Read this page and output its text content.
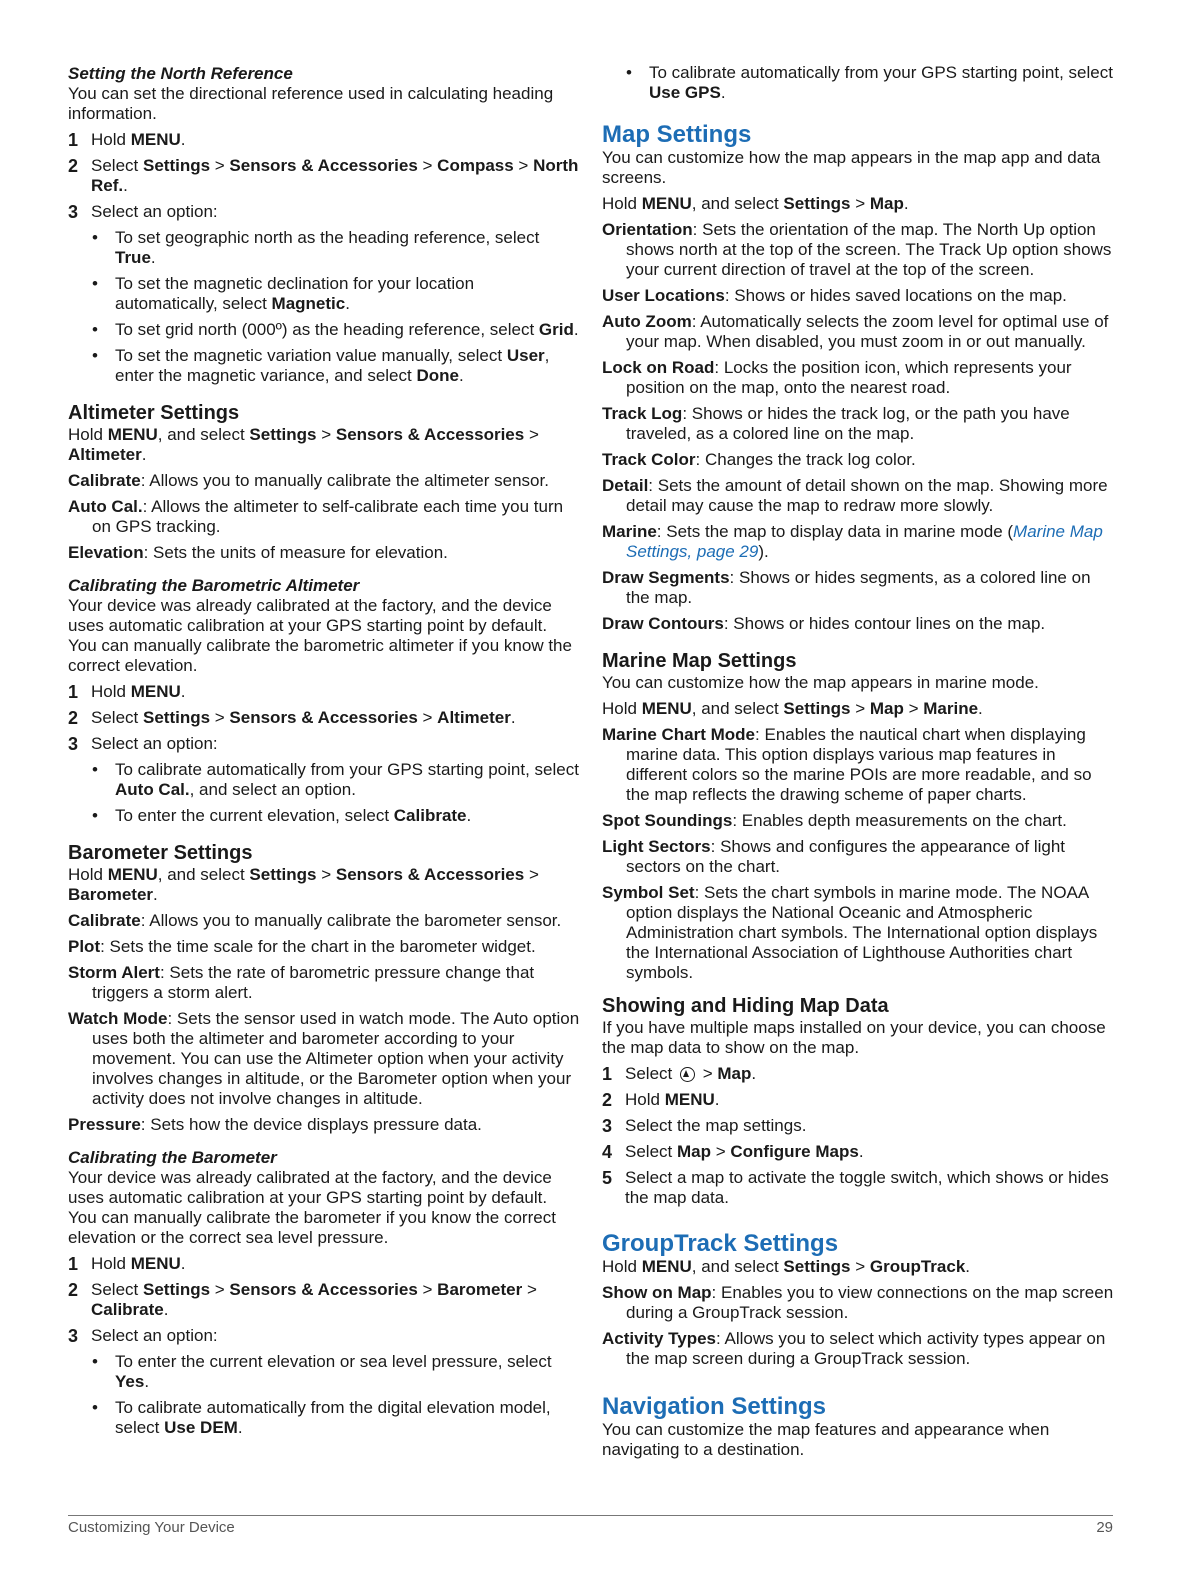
Setting the North Reference

You can set the directional reference used in calculating heading information.

1 Hold MENU.
2 Select Settings > Sensors & Accessories > Compass > North Ref..
3 Select an option:
•	To set geographic north as the heading reference, select True.
•	To set the magnetic declination for your location automatically, select Magnetic.
•	To set grid north (000º) as the heading reference, select Grid.
•	To set the magnetic variation value manually, select User, enter the magnetic variance, and select Done.

Altimeter Settings

Hold MENU, and select Settings > Sensors & Accessories > Altimeter.

Calibrate: Allows you to manually calibrate the altimeter sensor.

Auto Cal.: Allows the altimeter to self-calibrate each time you turn on GPS tracking.

Elevation: Sets the units of measure for elevation.

Calibrating the Barometric Altimeter

Your device was already calibrated at the factory, and the device uses automatic calibration at your GPS starting point by default. You can manually calibrate the barometric altimeter if you know the correct elevation.

1 Hold MENU.
2 Select Settings > Sensors & Accessories > Altimeter.
3 Select an option:
•	To calibrate automatically from your GPS starting point, select Auto Cal., and select an option.
•	To enter the current elevation, select Calibrate.

Barometer Settings

Hold MENU, and select Settings > Sensors & Accessories > Barometer.

Calibrate: Allows you to manually calibrate the barometer sensor.

Plot: Sets the time scale for the chart in the barometer widget.

Storm Alert: Sets the rate of barometric pressure change that triggers a storm alert.

Watch Mode: Sets the sensor used in watch mode. The Auto option uses both the altimeter and barometer according to your movement. You can use the Altimeter option when your activity involves changes in altitude, or the Barometer option when your activity does not involve changes in altitude.

Pressure: Sets how the device displays pressure data.

Calibrating the Barometer

Your device was already calibrated at the factory, and the device uses automatic calibration at your GPS starting point by default. You can manually calibrate the barometer if you know the correct elevation or the correct sea level pressure.

1 Hold MENU.
2 Select Settings > Sensors & Accessories > Barometer > Calibrate.
3 Select an option:
•	To enter the current elevation or sea level pressure, select Yes.
•	To calibrate automatically from the digital elevation model, select Use DEM.
•	To calibrate automatically from your GPS starting point, select Use GPS.

Map Settings

You can customize how the map appears in the map app and data screens.

Hold MENU, and select Settings > Map.

Orientation: Sets the orientation of the map. The North Up option shows north at the top of the screen. The Track Up option shows your current direction of travel at the top of the screen.

User Locations: Shows or hides saved locations on the map.

Auto Zoom: Automatically selects the zoom level for optimal use of your map. When disabled, you must zoom in or out manually.

Lock on Road: Locks the position icon, which represents your position on the map, onto the nearest road.

Track Log: Shows or hides the track log, or the path you have traveled, as a colored line on the map.

Track Color: Changes the track log color.

Detail: Sets the amount of detail shown on the map. Showing more detail may cause the map to redraw more slowly.

Marine: Sets the map to display data in marine mode (Marine Map Settings, page 29).

Draw Segments: Shows or hides segments, as a colored line on the map.

Draw Contours: Shows or hides contour lines on the map.

Marine Map Settings

You can customize how the map appears in marine mode.

Hold MENU, and select Settings > Map > Marine.

Marine Chart Mode: Enables the nautical chart when displaying marine data. This option displays various map features in different colors so the marine POIs are more readable, and so the map reflects the drawing scheme of paper charts.

Spot Soundings: Enables depth measurements on the chart.

Light Sectors: Shows and configures the appearance of light sectors on the chart.

Symbol Set: Sets the chart symbols in marine mode. The NOAA option displays the National Oceanic and Atmospheric Administration chart symbols. The International option displays the International Association of Lighthouse Authorities chart symbols.

Showing and Hiding Map Data

If you have multiple maps installed on your device, you can choose the map data to show on the map.

1 Select  > Map.
2 Hold MENU.
3 Select the map settings.
4 Select Map > Configure Maps.
5 Select a map to activate the toggle switch, which shows or hides the map data.

GroupTrack Settings

Hold MENU, and select Settings > GroupTrack.

Show on Map: Enables you to view connections on the map screen during a GroupTrack session.

Activity Types: Allows you to select which activity types appear on the map screen during a GroupTrack session.

Navigation Settings

You can customize the map features and appearance when navigating to a destination.

Customizing Your Device	29
